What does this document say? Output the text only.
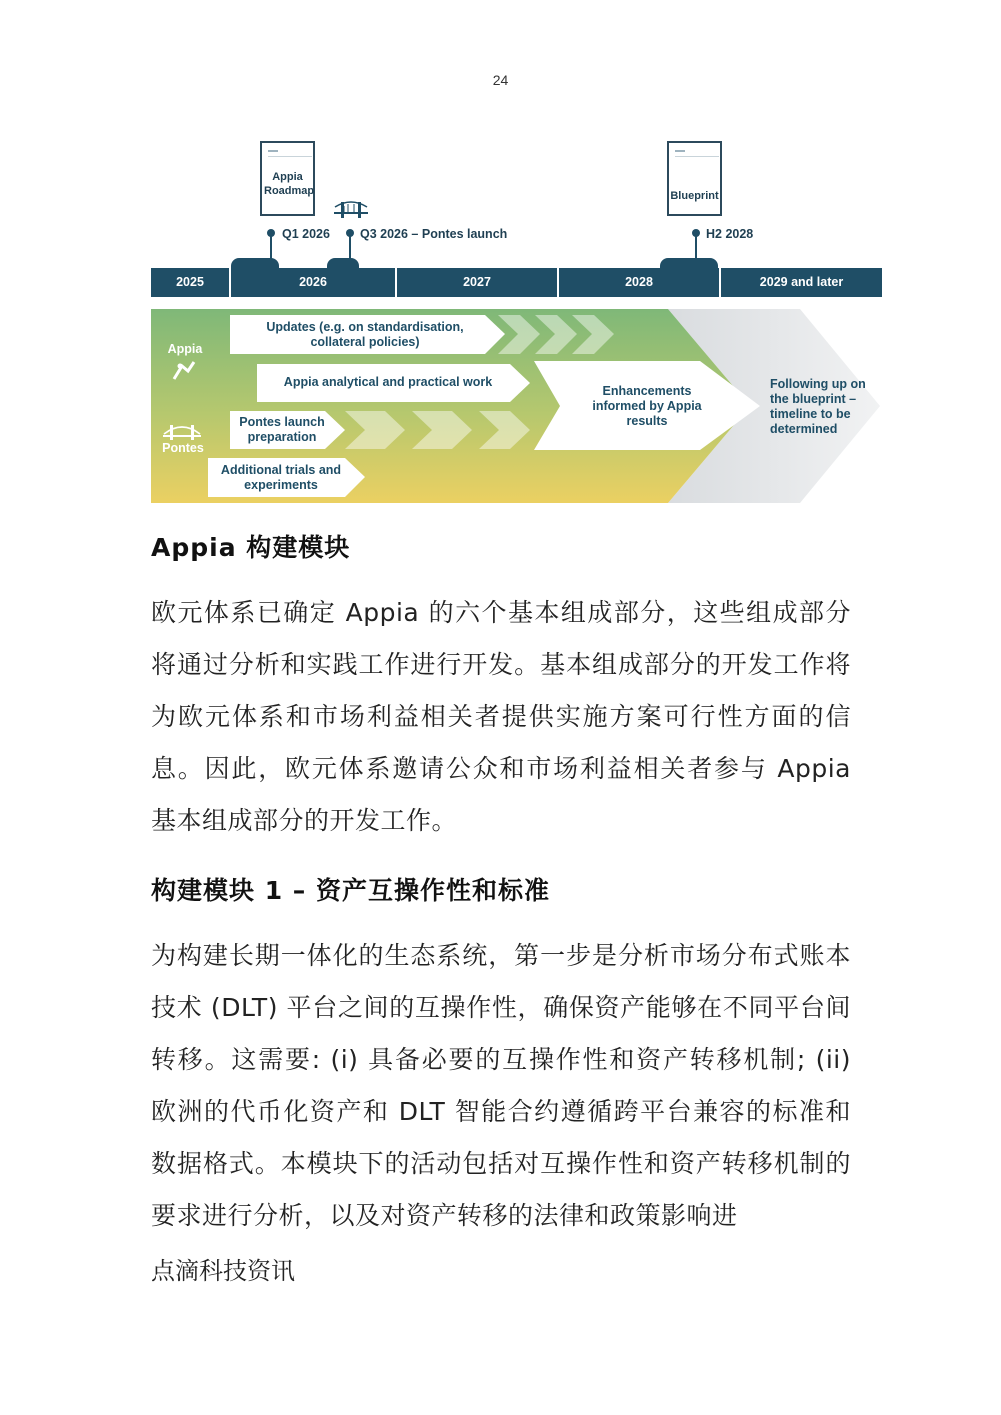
24
Appia Roadmap	Blueprint
Q1 2026 Q3 2026 – Pontes launch	H2 2028
2025	2026	2027	2028	2029 and later
Appia
Pontes
Updates (e.g. on standardisation, collateral policies)
Appia analytical and practical work
Pontes launch preparation
Additional trials and experiments
Enhancements informed by Appia results
Following up on the blueprint – timeline to be determined
Appia 构建模块

欧元体系已确定 Appia 的六个基本组成部分，这些组成部分将通过分析和实践工作进行开发。基本组成部分的开发工作将为欧元体系和市场利益相关者提供实施方案可行性方面的信息。因此，欧元体系邀请公众和市场利益相关者参与 Appia 基本组成部分的开发工作。

构建模块 1 – 资产互操作性和标准

为构建长期一体化的生态系统，第一步是分析市场分布式账本技术 (DLT) 平台之间的互操作性，确保资产能够在不同平台间转移。这需要: (i) 具备必要的互操作性和资产转移机制; (ii) 欧洲的代币化资产和 DLT 智能合约遵循跨平台兼容的标准和数据格式。本模块下的活动包括对互操作性和资产转移机制的要求进行分析，以及对资产转移的法律和政策影响进

点滴科技资讯
